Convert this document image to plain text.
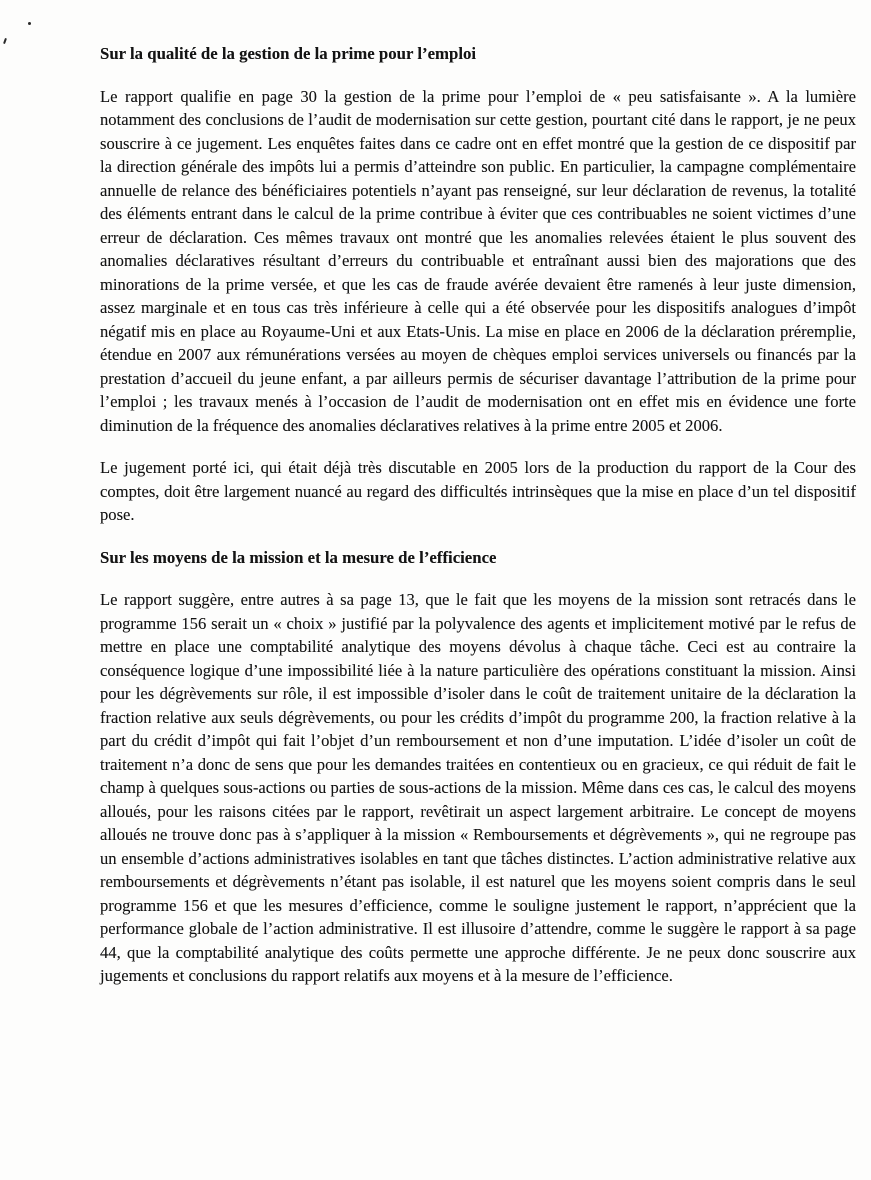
Sur la qualité de la gestion de la prime pour l’emploi

Le rapport qualifie en page 30 la gestion de la prime pour l’emploi de « peu satisfaisante ». A la lumière notamment des conclusions de l’audit de modernisation sur cette gestion, pourtant cité dans le rapport, je ne peux souscrire à ce jugement. Les enquêtes faites dans ce cadre ont en effet montré que la gestion de ce dispositif par la direction générale des impôts lui a permis d’atteindre son public. En particulier, la campagne complémentaire annuelle de relance des bénéficiaires potentiels n’ayant pas renseigné, sur leur déclaration de revenus, la totalité des éléments entrant dans le calcul de la prime contribue à éviter que ces contribuables ne soient victimes d’une erreur de déclaration. Ces mêmes travaux ont montré que les anomalies relevées étaient le plus souvent des anomalies déclaratives résultant d’erreurs du contribuable et entraînant aussi bien des majorations que des minorations de la prime versée, et que les cas de fraude avérée devaient être ramenés à leur juste dimension, assez marginale et en tous cas très inférieure à celle qui a été observée pour les dispositifs analogues d’impôt négatif mis en place au Royaume-Uni et aux Etats-Unis. La mise en place en 2006 de la déclaration préremplie, étendue en 2007 aux rémunérations versées au moyen de chèques emploi services universels ou financés par la prestation d’accueil du jeune enfant, a par ailleurs permis de sécuriser davantage l’attribution de la prime pour l’emploi ; les travaux menés à l’occasion de l’audit de modernisation ont en effet mis en évidence une forte diminution de la fréquence des anomalies déclaratives relatives à la prime entre 2005 et 2006.

Le jugement porté ici, qui était déjà très discutable en 2005 lors de la production du rapport de la Cour des comptes, doit être largement nuancé au regard des difficultés intrinsèques que la mise en place d’un tel dispositif pose.

Sur les moyens de la mission et la mesure de l’efficience

Le rapport suggère, entre autres à sa page 13, que le fait que les moyens de la mission sont retracés dans le programme 156 serait un « choix » justifié par la polyvalence des agents et implicitement motivé par le refus de mettre en place une comptabilité analytique des moyens dévolus à chaque tâche. Ceci est au contraire la conséquence logique d’une impossibilité liée à la nature particulière des opérations constituant la mission. Ainsi pour les dégrèvements sur rôle, il est impossible d’isoler dans le coût de traitement unitaire de la déclaration la fraction relative aux seuls dégrèvements, ou pour les crédits d’impôt du programme 200, la fraction relative à la part du crédit d’impôt qui fait l’objet d’un remboursement et non d’une imputation. L’idée d’isoler un coût de traitement n’a donc de sens que pour les demandes traitées en contentieux ou en gracieux, ce qui réduit de fait le champ à quelques sous-actions ou parties de sous-actions de la mission. Même dans ces cas, le calcul des moyens alloués, pour les raisons citées par le rapport, revêtirait un aspect largement arbitraire. Le concept de moyens alloués ne trouve donc pas à s’appliquer à la mission « Remboursements et dégrèvements », qui ne regroupe pas un ensemble d’actions administratives isolables en tant que tâches distinctes. L’action administrative relative aux remboursements et dégrèvements n’étant pas isolable, il est naturel que les moyens soient compris dans le seul programme 156 et que les mesures d’efficience, comme le souligne justement le rapport, n’apprécient que la performance globale de l’action administrative. Il est illusoire d’attendre, comme le suggère le rapport à sa page 44, que la comptabilité analytique des coûts permette une approche différente. Je ne peux donc souscrire aux jugements et conclusions du rapport relatifs aux moyens et à la mesure de l’efficience.
